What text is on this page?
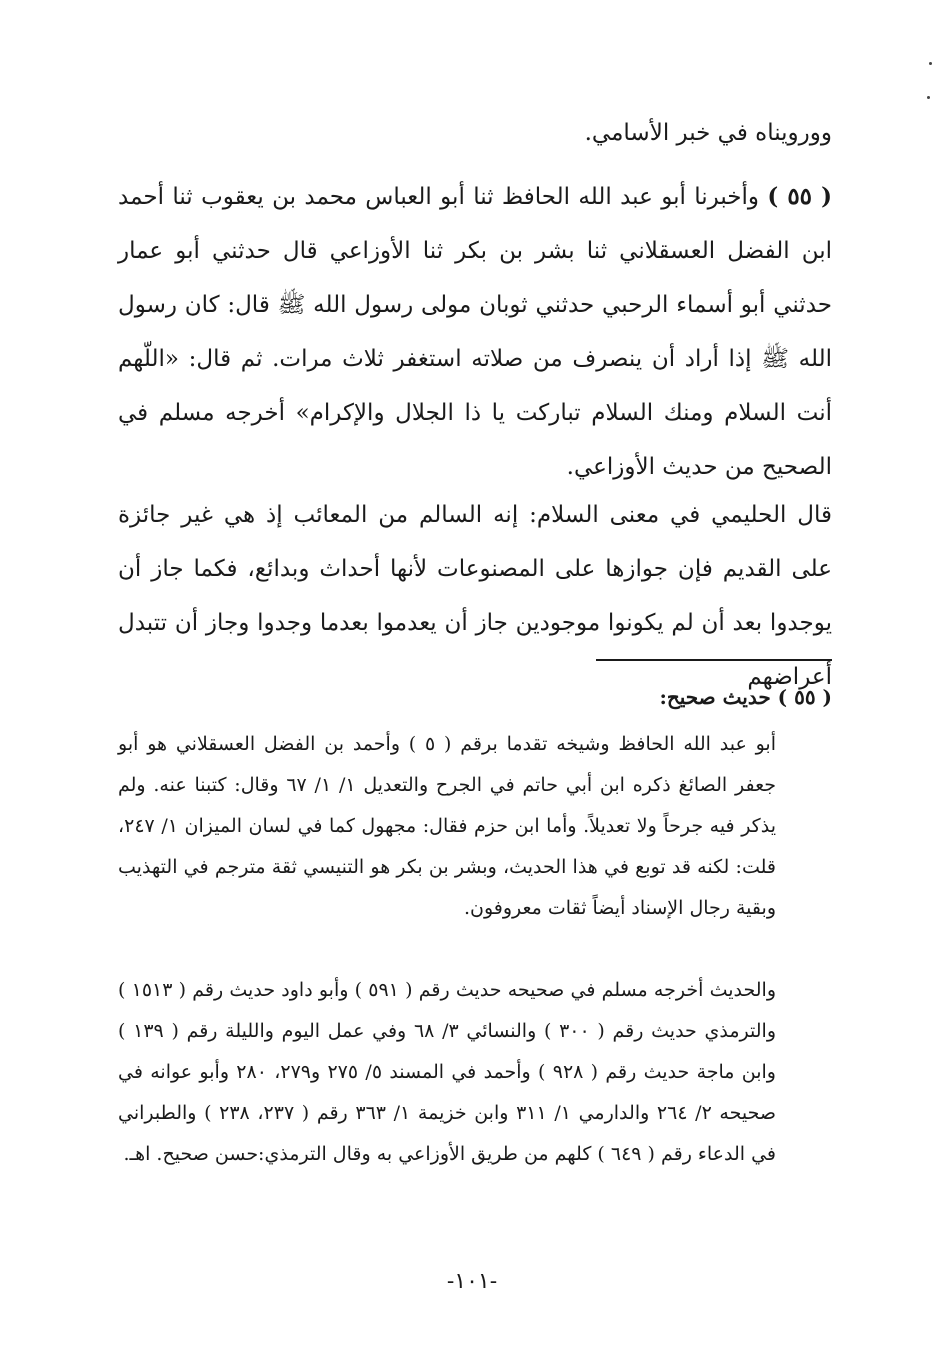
وورويناه في خبر الأسامي.

( ٥٥ ) وأخبرنا أبو عبد الله الحافظ ثنا أبو العباس محمد بن يعقوب ثنا أحمد ابن الفضل العسقلاني ثنا بشر بن بكر ثنا الأوزاعي قال حدثني أبو عمار حدثني أبو أسماء الرحبي حدثني ثوبان مولى رسول الله ﷺ قال: كان رسول الله ﷺ إذا أراد أن ينصرف من صلاته استغفر ثلاث مرات. ثم قال: «اللّهم أنت السلام ومنك السلام تباركت يا ذا الجلال والإكرام» أخرجه مسلم في الصحيح من حديث الأوزاعي.

قال الحليمي في معنى السلام: إنه السالم من المعائب إذ هي غير جائزة على القديم فإن جوازها على المصنوعات لأنها أحداث وبدائع، فكما جاز أن يوجدوا بعد أن لم يكونوا موجودين جاز أن يعدموا بعدما وجدوا وجاز أن تتبدل أعراضهم

( ٥٥ ) حديث صحيح:

أبو عبد الله الحافظ وشيخه تقدما برقم ( ٥ ) وأحمد بن الفضل العسقلاني هو أبو جعفر الصائغ ذكره ابن أبي حاتم في الجرح والتعديل ١/ ١/ ٦٧ وقال: كتبنا عنه. ولم يذكر فيه جرحاً ولا تعديلاً. وأما ابن حزم فقال: مجهول كما في لسان الميزان ١/ ٢٤٧، قلت: لكنه قد توبع في هذا الحديث، وبشر بن بكر هو التنيسي ثقة مترجم في التهذيب وبقية رجال الإسناد أيضاً ثقات معروفون.

والحديث أخرجه مسلم في صحيحه حديث رقم ( ٥٩١ ) وأبو داود حديث رقم ( ١٥١٣ ) والترمذي حديث رقم ( ٣٠٠ ) والنسائي ٣/ ٦٨ وفي عمل اليوم والليلة رقم ( ١٣٩ ) وابن ماجة حديث رقم ( ٩٢٨ ) وأحمد في المسند ٥/ ٢٧٥ و٢٧٩، ٢٨٠ وأبو عوانه في صحيحه ٢/ ٢٦٤ والدارمي ١/ ٣١١ وابن خزيمة ١/ ٣٦٣ رقم ( ٢٣٧، ٢٣٨ ) والطبراني في الدعاء رقم ( ٦٤٩ ) كلهم من طريق الأوزاعي به وقال الترمذي:حسن صحيح. اهـ.

-١٠١-
